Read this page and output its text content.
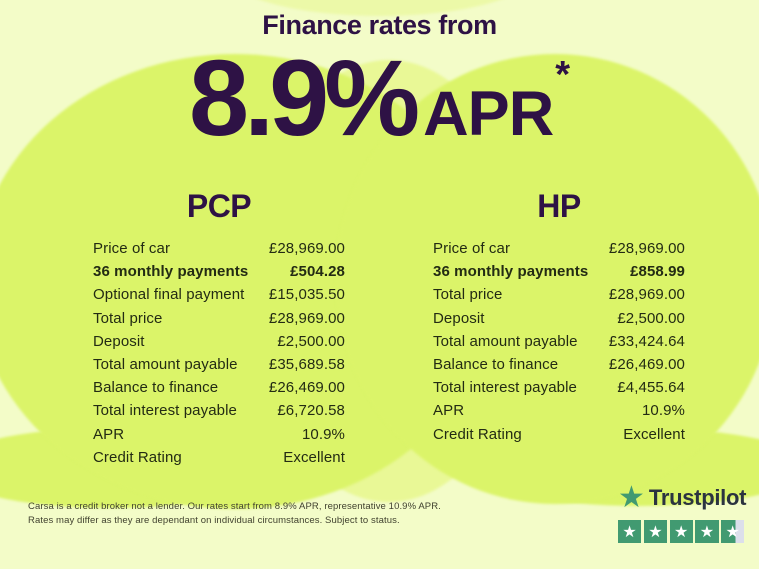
Finance rates from
8.9% APR
*
PCP
Price of car	£28,969.00
36 monthly payments	£504.28
Optional final payment £15,035.50
Total price	£28,969.00
Deposit	£2,500.00
Total amount payable £35,689.58
Balance to finance	£26,469.00
Total interest payable	£6,720.58
APR	10.9%
Credit Rating	Excellent
HP
Price of car	£28,969.00
36 monthly payments	£858.99
Total price	£28,969.00
Deposit	£2,500.00
Total amount payable £33,424.64
Balance to finance	£26,469.00
Total interest payable	£4,455.64
APR	10.9%
Credit Rating	Excellent
Carsa is a credit broker not a lender. Our rates start from 8.9% APR, representative 10.9% APR.
Rates may differ as they are dependant on individual circumstances. Subject to status.
★ Trustpilot
★ ★ ★ ★ ★
